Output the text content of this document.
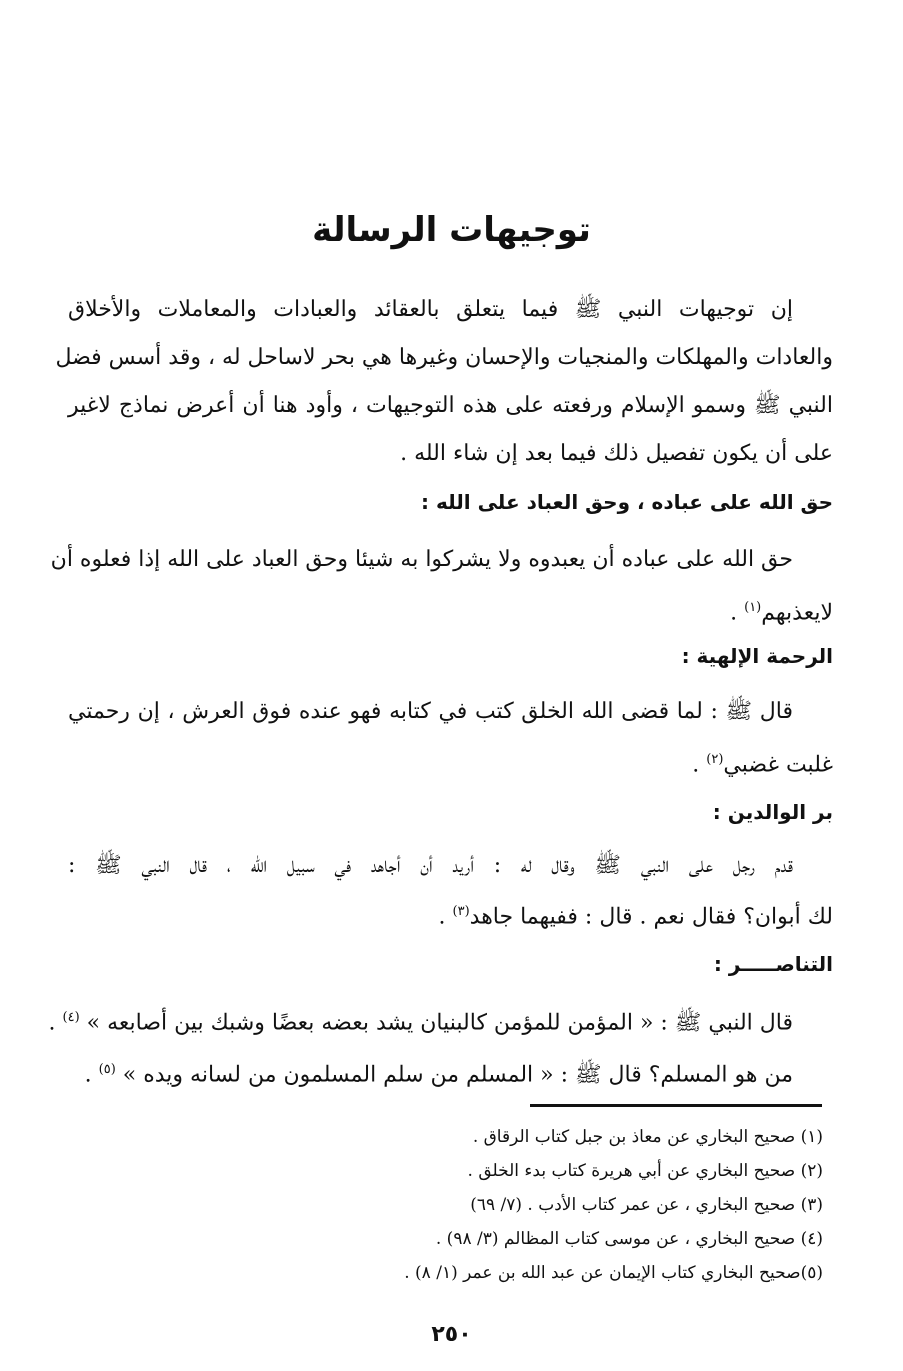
توجيهات الرسالة
إن توجيهات النبي ﷺ فيما يتعلق بالعقائد والعبادات والمعاملات والأخلاق
والعادات والمهلكات والمنجيات والإحسان وغيرها هي بحر لاساحل له ، وقد أسس فضل
النبي ﷺ وسمو الإسلام ورفعته على هذه التوجيهات ، وأود هنا أن أعرض نماذج لاغير
على أن يكون تفصيل ذلك فيما بعد إن شاء الله .
حق الله على عباده ، وحق العباد على الله :
حق الله على عباده أن يعبدوه ولا يشركوا به شيئا وحق العباد على الله إذا فعلوه أن
لايعذبهم$^{(١)}$ .
الرحمة الإلهية :
قال ﷺ : لما قضى الله الخلق كتب في كتابه فهو عنده فوق العرش ، إن رحمتي
غلبت غضبي$^{(٢)}$ .
بر الوالدين :
قدم رجل على النبي ﷺ وقال له : أريد أن أجاهد في سبيل الله ، قال النبي ﷺ :
لك أبوان؟ فقال نعم . قال : ففيهما جاهد$^{(٣)}$ .
التناصـــــر :
قال النبي ﷺ : « المؤمن للمؤمن كالبنيان يشد بعضه بعضًا وشبك بين أصابعه » $^{(٤)}$ .
من هو المسلم؟ قال ﷺ : « المسلم من سلم المسلمون من لسانه ويده » $^{(٥)}$ .
(١) صحيح البخاري عن معاذ بن جبل كتاب الرقاق .
(٢) صحيح البخاري عن أبي هريرة كتاب بدء الخلق .
(٣) صحيح البخاري ، عن عمر كتاب الأدب . (٧/ ٦٩)
(٤) صحيح البخاري ، عن موسى كتاب المظالم (٣/ ٩٨) .
(٥)صحيح البخاري كتاب الإيمان عن عبد الله بن عمر (١/ ٨) .
٢٥٠
